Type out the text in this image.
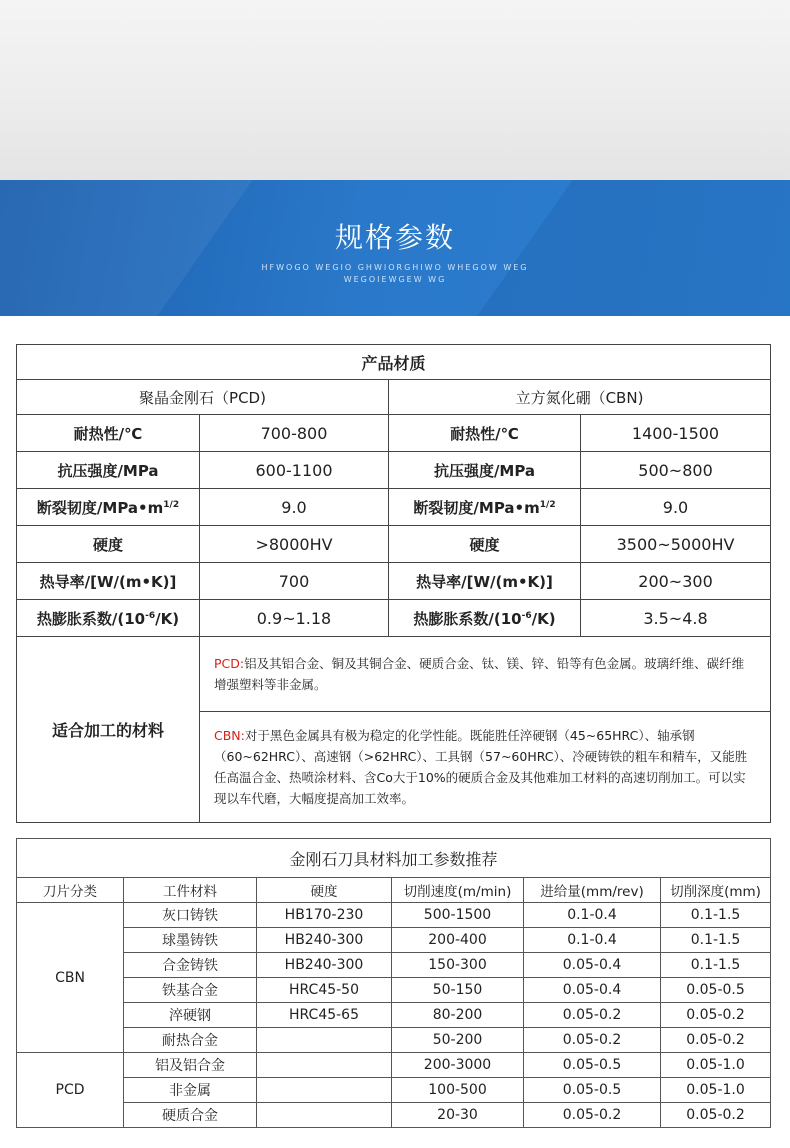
规格参数
HFWOGO WEGIO GHWIORGHIWO WHEGOW WEG
WEGOIEWGEW WG
产品材质			
聚晶金刚石（PCD)		立方氮化硼（CBN)	
耐热性/℃	700-800	耐热性/℃	1400-1500
抗压强度/MPa	600-1100	抗压强度/MPa	500~800
断裂韧度$/MPa•m^{1/2}$	9.0	断裂韧度$/MPa•m^{1/2}$	9.0
硬度	>8000HV	硬度	3500~5000HV
热导率/[W/(m•K)]	700	热导率/[W/(m•K)]	200~300
热膨胀系数$/(10^{-6}/K)$	0.9~1.18	热膨胀系数$/(10^{-6}/K)$	3.5~4.8
适合加工的材料	PCD:铝及其铝合金、铜及其铜合金、硬质合金、钛、镁、锌、铅等有色金属。玻璃纤维、碳纤维增强塑料等非金属。		
	CBN:对于黑色金属具有极为稳定的化学性能。既能胜任淬硬钢（45~65HRC）、轴承钢（60~62HRC）、高速钢（>62HRC）、工具钢（57~60HRC）、冷硬铸铁的粗车和精车，又能胜任高温合金、热喷涂材料、含Co大于10%的硬质合金及其他难加工材料的高速切削加工。可以实现以车代磨，大幅度提高加工效率。		
金刚石刀具材料加工参数推荐					
刀片分类	工件材料	硬度	切削速度(m/min)	进给量(mm/rev)	切削深度(mm)
CBN	灰口铸铁	HB170-230	500-1500	0.1-0.4	0.1-1.5
	球墨铸铁	HB240-300	200-400	0.1-0.4	0.1-1.5
	合金铸铁	HB240-300	150-300	0.05-0.4	0.1-1.5
	铁基合金	HRC45-50	50-150	0.05-0.4	0.05-0.5
	淬硬钢	HRC45-65	80-200	0.05-0.2	0.05-0.2
	耐热合金		50-200	0.05-0.2	0.05-0.2
PCD	铝及铝合金		200-3000	0.05-0.5	0.05-1.0
	非金属		100-500	0.05-0.5	0.05-1.0
	硬质合金		20-30	0.05-0.2	0.05-0.2
